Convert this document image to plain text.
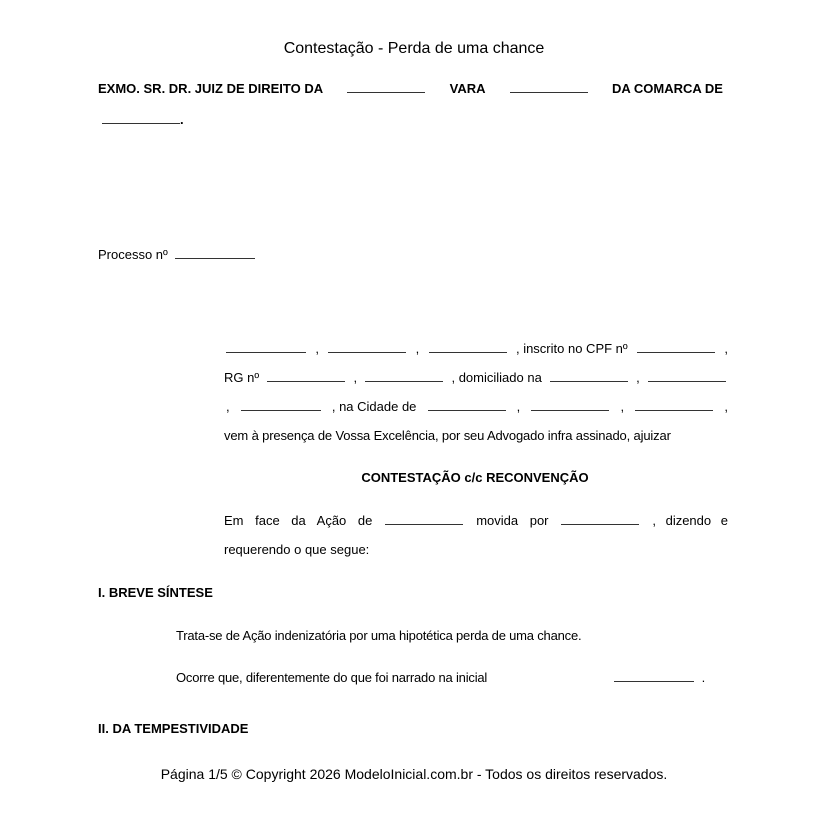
Contestação - Perda de uma chance
EXMO. SR. DR. JUIZ DE DIREITO DA	VARA	DA COMARCA DE
.
Processo nº
,	,	, inscrito no CPF nº	,
RG nº	,	, domiciliado na	,
,	, na Cidade de	,	,	,
vem à presença de Vossa Excelência, por seu Advogado infra assinado, ajuizar
CONTESTAÇÃO c/c RECONVENÇÃO
Em face da Ação de	movida por	, dizendo e
requerendo o que segue:
I. BREVE SÍNTESE
Trata-se de Ação indenizatória por uma hipotética perda de uma chance.
Ocorre que, diferentemente do que foi narrado na inicial	.
II. DA TEMPESTIVIDADE
Página 1/5 © Copyright 2026 ModeloInicial.com.br - Todos os direitos reservados.
